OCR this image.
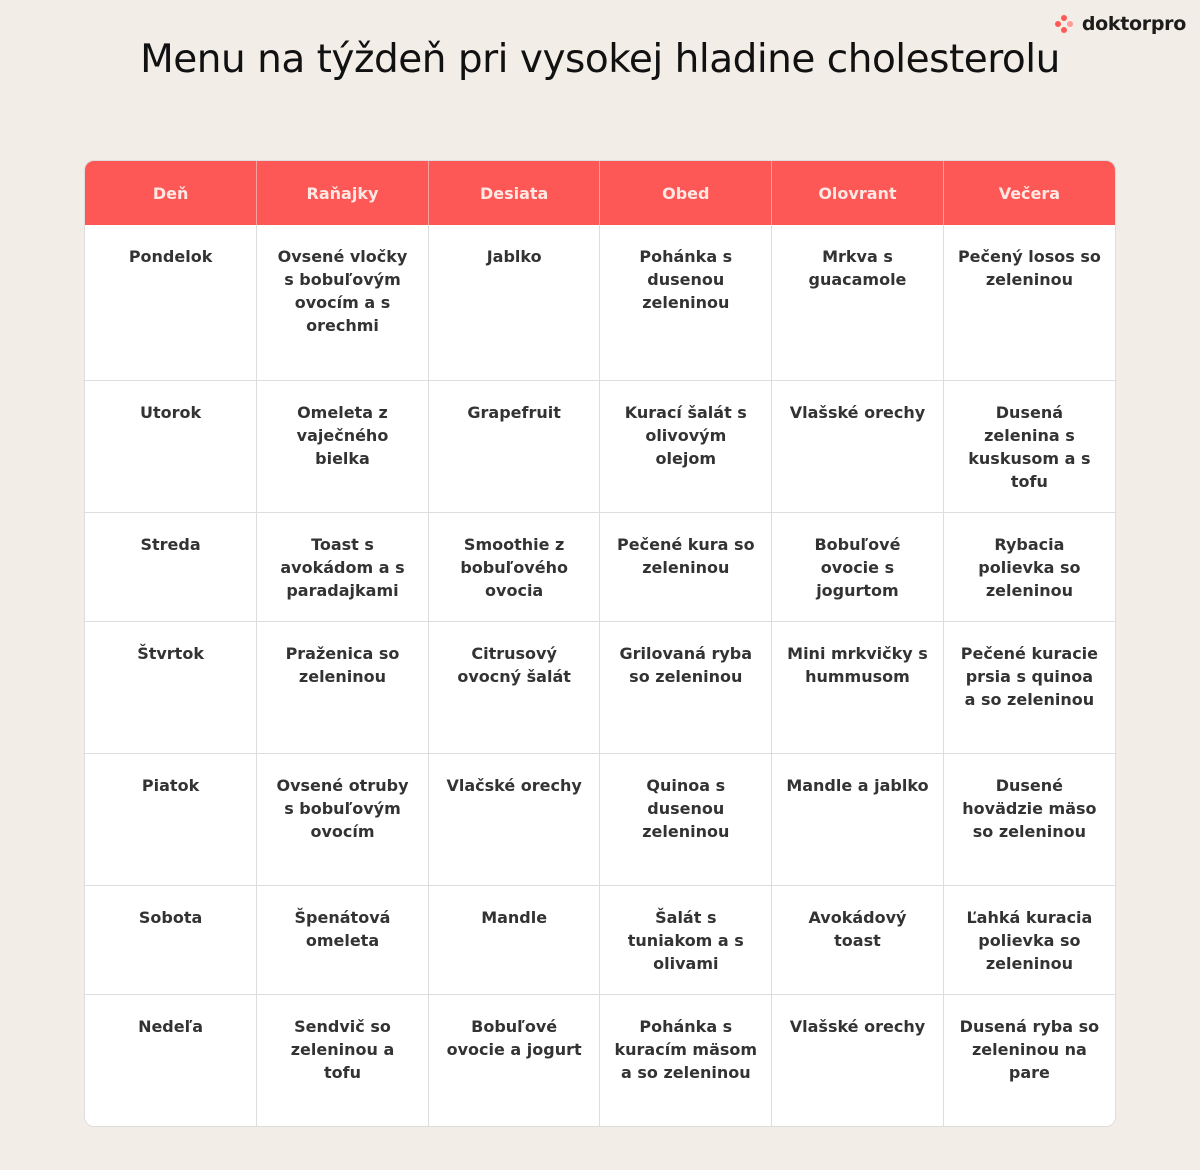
doktorpro
Menu na týždeň pri vysokej hladine cholesterolu
Deň	Raňajky	Desiata	Obed	Olovrant	Večera
Pondelok	Ovsené vločky s bobuľovým ovocím a s orechmi	Jablko	Pohánka s dusenou zeleninou	Mrkva s guacamole	Pečený losos so zeleninou
Utorok	Omeleta z vaječného bielka	Grapefruit	Kurací šalát s olivovým olejom	Vlašské orechy	Dusená zelenina s kuskusom a s tofu
Streda	Toast s avokádom a s paradajkami	Smoothie z bobuľového ovocia	Pečené kura so zeleninou	Bobuľové ovocie s jogurtom	Rybacia polievka so zeleninou
Štvrtok	Praženica so zeleninou	Citrusový ovocný šalát	Grilovaná ryba so zeleninou	Mini mrkvičky s hummusom	Pečené kuracie prsia s quinoa a so zeleninou
Piatok	Ovsené otruby s bobuľovým ovocím	Vlačské orechy	Quinoa s dusenou zeleninou	Mandle a jablko	Dusené hovädzie mäso so zeleninou
Sobota	Špenátová omeleta	Mandle	Šalát s tuniakom a s olivami	Avokádový toast	Ľahká kuracia polievka so zeleninou
Nedeľa	Sendvič so zeleninou a tofu	Bobuľové ovocie a jogurt	Pohánka s kuracím mäsom a so zeleninou	Vlašské orechy	Dusená ryba so zeleninou na pare
